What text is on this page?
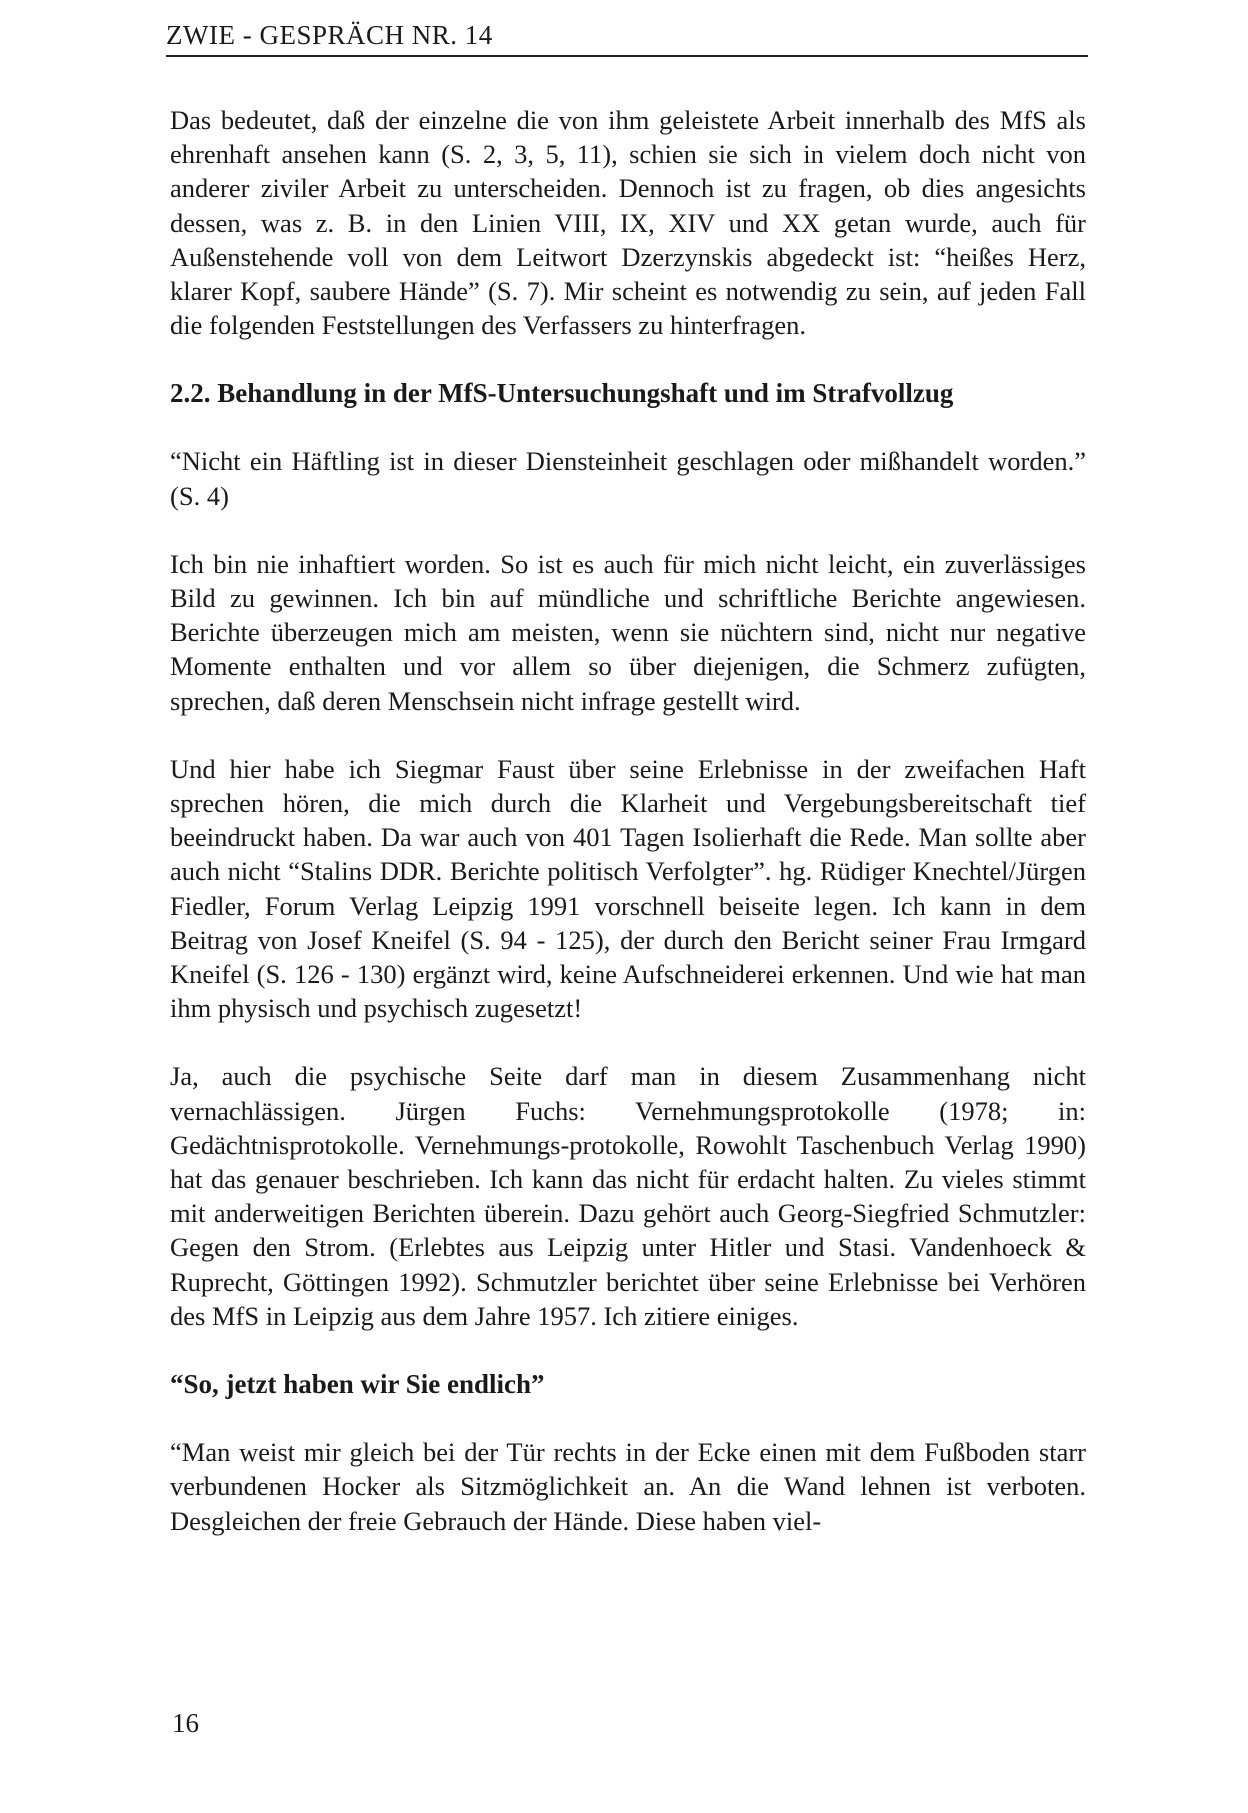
ZWIE - GESPRÄCH NR. 14

Das bedeutet, daß der einzelne die von ihm geleistete Arbeit innerhalb des MfS als ehrenhaft ansehen kann (S. 2, 3, 5, 11), schien sie sich in vielem doch nicht von anderer ziviler Arbeit zu unterscheiden. Dennoch ist zu fragen, ob dies angesichts dessen, was z. B. in den Linien VIII, IX, XIV und XX getan wurde, auch für Außenstehende voll von dem Leitwort Dzerzynskis abgedeckt ist: “heißes Herz, klarer Kopf, saubere Hände” (S. 7). Mir scheint es notwendig zu sein, auf jeden Fall die folgenden Feststellungen des Verfassers zu hinterfragen.

2.2. Behandlung in der MfS-Untersuchungshaft und im Strafvollzug

“Nicht ein Häftling ist in dieser Diensteinheit geschlagen oder mißhandelt worden.” (S. 4)

Ich bin nie inhaftiert worden. So ist es auch für mich nicht leicht, ein zuverlässiges Bild zu gewinnen. Ich bin auf mündliche und schriftliche Berichte angewiesen. Berichte überzeugen mich am meisten, wenn sie nüchtern sind, nicht nur negative Momente enthalten und vor allem so über diejenigen, die Schmerz zufügten, sprechen, daß deren Menschsein nicht infrage gestellt wird.

Und hier habe ich Siegmar Faust über seine Erlebnisse in der zweifachen Haft sprechen hören, die mich durch die Klarheit und Vergebungsbereitschaft tief beeindruckt haben. Da war auch von 401 Tagen Isolierhaft die Rede. Man sollte aber auch nicht “Stalins DDR. Berichte politisch Verfolgter”. hg. Rüdiger Knechtel/Jürgen Fiedler, Forum Verlag Leipzig 1991 vorschnell beiseite legen. Ich kann in dem Beitrag von Josef Kneifel (S. 94 - 125), der durch den Bericht seiner Frau Irmgard Kneifel (S. 126 - 130) ergänzt wird, keine Aufschneiderei erkennen. Und wie hat man ihm physisch und psychisch zugesetzt!

Ja, auch die psychische Seite darf man in diesem Zusammenhang nicht vernachlässigen. Jürgen Fuchs: Vernehmungsprotokolle (1978; in: Gedächtnisprotokolle. Vernehmungs-protokolle, Rowohlt Taschenbuch Verlag 1990) hat das genauer beschrieben. Ich kann das nicht für erdacht halten. Zu vieles stimmt mit anderweitigen Berichten überein. Dazu gehört auch Georg-Siegfried Schmutzler: Gegen den Strom. (Erlebtes aus Leipzig unter Hitler und Stasi. Vandenhoeck & Ruprecht, Göttingen 1992). Schmutzler berichtet über seine Erlebnisse bei Verhören des MfS in Leipzig aus dem Jahre 1957. Ich zitiere einiges.

“So, jetzt haben wir Sie endlich”

“Man weist mir gleich bei der Tür rechts in der Ecke einen mit dem Fußboden starr verbundenen Hocker als Sitzmöglichkeit an. An die Wand lehnen ist verboten. Desgleichen der freie Gebrauch der Hände. Diese haben viel-

16
